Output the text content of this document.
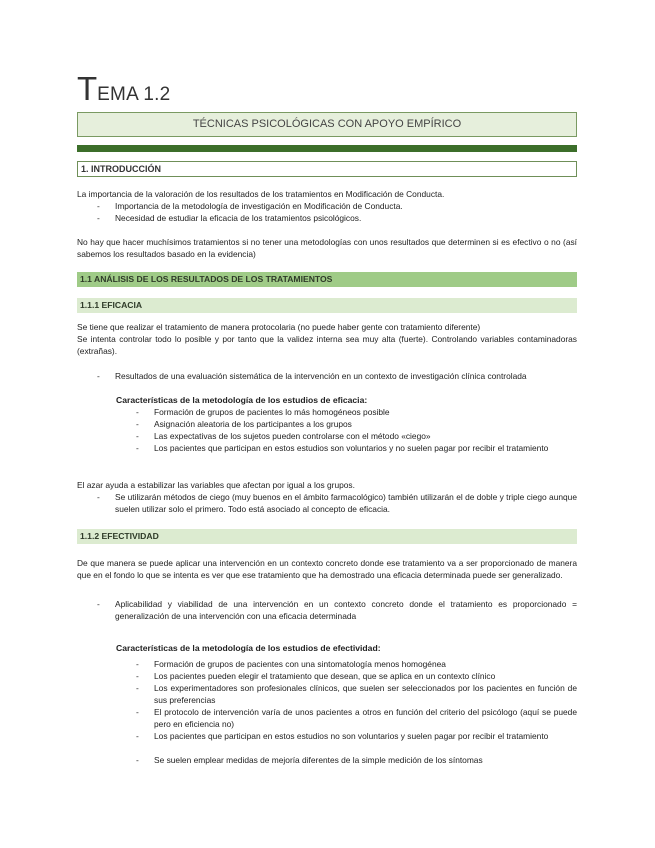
TEMA 1.2
TÉCNICAS PSICOLÓGICAS CON APOYO EMPÍRICO
1. INTRODUCCIÓN
La importancia de la valoración de los resultados de los tratamientos en Modificación de Conducta.
- Importancia de la metodología de investigación en Modificación de Conducta.
- Necesidad de estudiar la eficacia de los tratamientos psicológicos.
No hay que hacer muchísimos tratamientos si no tener una metodologías con unos resultados que determinen si es efectivo o no (así sabemos los resultados basado en la evidencia)
1.1 ANÁLISIS DE LOS RESULTADOS DE LOS TRATAMIENTOS
1.1.1 EFICACIA
Se tiene que realizar el tratamiento de manera protocolaria (no puede haber gente con tratamiento diferente)
Se intenta controlar todo lo posible y por tanto que la validez interna sea muy alta (fuerte). Controlando variables contaminadoras (extrañas).
- Resultados de una evaluación sistemática de la intervención en un contexto de investigación clínica controlada
Características de la metodología de los estudios de eficacia:
- Formación de grupos de pacientes lo más homogéneos posible
- Asignación aleatoria de los participantes a los grupos
- Las expectativas de los sujetos pueden controlarse con el método «ciego»
- Los pacientes que participan en estos estudios son voluntarios y no suelen pagar por recibir el tratamiento
El azar ayuda a estabilizar las variables que afectan por igual a los grupos.
- Se utilizarán métodos de ciego (muy buenos en el ámbito farmacológico) también utilizarán el de doble y triple ciego aunque suelen utilizar solo el primero. Todo está asociado al concepto de eficacia.
1.1.2 EFECTIVIDAD
De que manera se puede aplicar una intervención en un contexto concreto donde ese tratamiento va a ser proporcionado de manera que en el fondo lo que se intenta es ver que ese tratamiento que ha demostrado una eficacia determinada puede ser generalizado.
- Aplicabilidad y viabilidad de una intervención en un contexto concreto donde el tratamiento es proporcionado = generalización de una intervención con una eficacia determinada
Características de la metodología de los estudios de efectividad:
- Formación de grupos de pacientes con una sintomatología menos homogénea
- Los pacientes pueden elegir el tratamiento que desean, que se aplica en un contexto clínico
- Los experimentadores son profesionales clínicos, que suelen ser seleccionados por los pacientes en función de sus preferencias
- El protocolo de intervención varía de unos pacientes a otros en función del criterio del psicólogo (aquí se puede pero en eficiencia no)
- Los pacientes que participan en estos estudios no son voluntarios y suelen pagar por recibir el tratamiento
- Se suelen emplear medidas de mejoría diferentes de la simple medición de los síntomas
